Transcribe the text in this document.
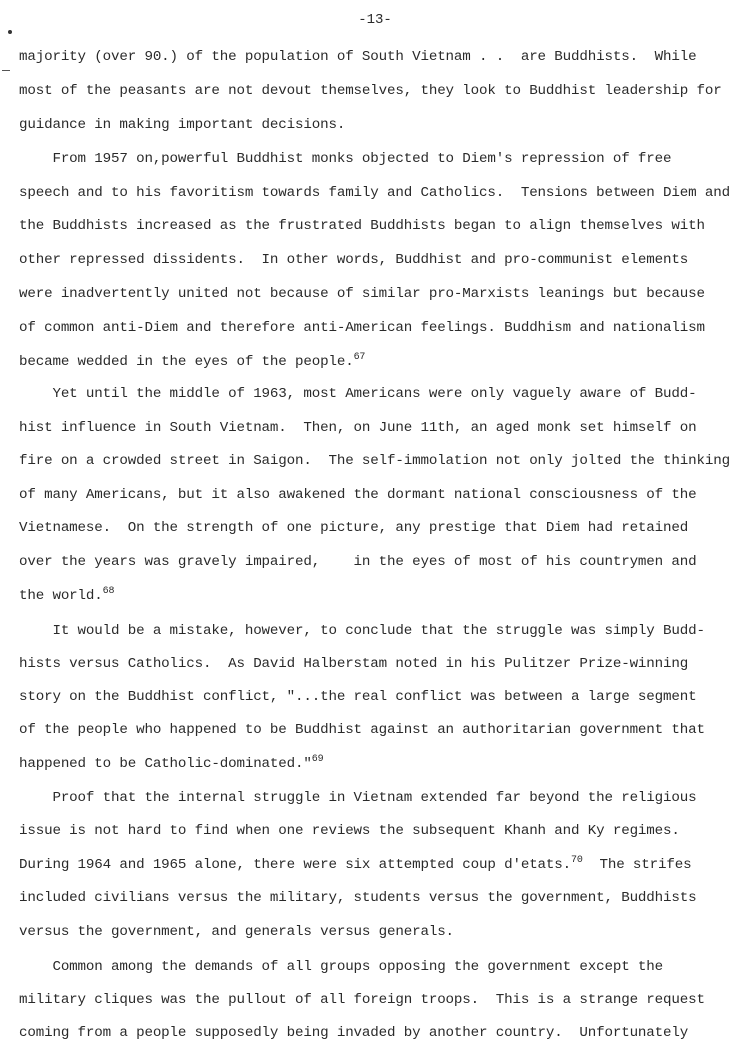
-13-
majority (over 90.) of the population of South Vietnam . .  are Buddhists.  While
most of the peasants are not devout themselves, they look to Buddhist leadership for
guidance in making important decisions.
From 1957 on,powerful Buddhist monks objected to Diem's repression of free
speech and to his favoritism towards family and Catholics.  Tensions between Diem and
the Buddhists increased as the frustrated Buddhists began to align themselves with
other repressed dissidents.  In other words, Buddhist and pro-communist elements
were inadvertently united not because of similar pro-Marxists leanings but because
of common anti-Diem and therefore anti-American feelings. Buddhism and nationalism
became wedded in the eyes of the people.$^{67}$
Yet until the middle of 1963, most Americans were only vaguely aware of Budd-
hist influence in South Vietnam.  Then, on June 11th, an aged monk set himself on
fire on a crowded street in Saigon.  The self-immolation not only jolted the thinking
of many Americans, but it also awakened the dormant national consciousness of the
Vietnamese.  On the strength of one picture, any prestige that Diem had retained
over the years was gravely impaired,    in the eyes of most of his countrymen and
the world.$^{68}$
It would be a mistake, however, to conclude that the struggle was simply Budd-
hists versus Catholics.  As David Halberstam noted in his Pulitzer Prize-winning
story on the Buddhist conflict, "...the real conflict was between a large segment
of the people who happened to be Buddhist against an authoritarian government that
happened to be Catholic-dominated."$^{69}$
Proof that the internal struggle in Vietnam extended far beyond the religious
issue is not hard to find when one reviews the subsequent Khanh and Ky regimes.
During 1964 and 1965 alone, there were six attempted coup d'etats.$^{70}$  The strifes
included civilians versus the military, students versus the government, Buddhists
versus the government, and generals versus generals.
Common among the demands of all groups opposing the government except the
military cliques was the pullout of all foreign troops.  This is a strange request
coming from a people supposedly being invaded by another country.  Unfortunately
